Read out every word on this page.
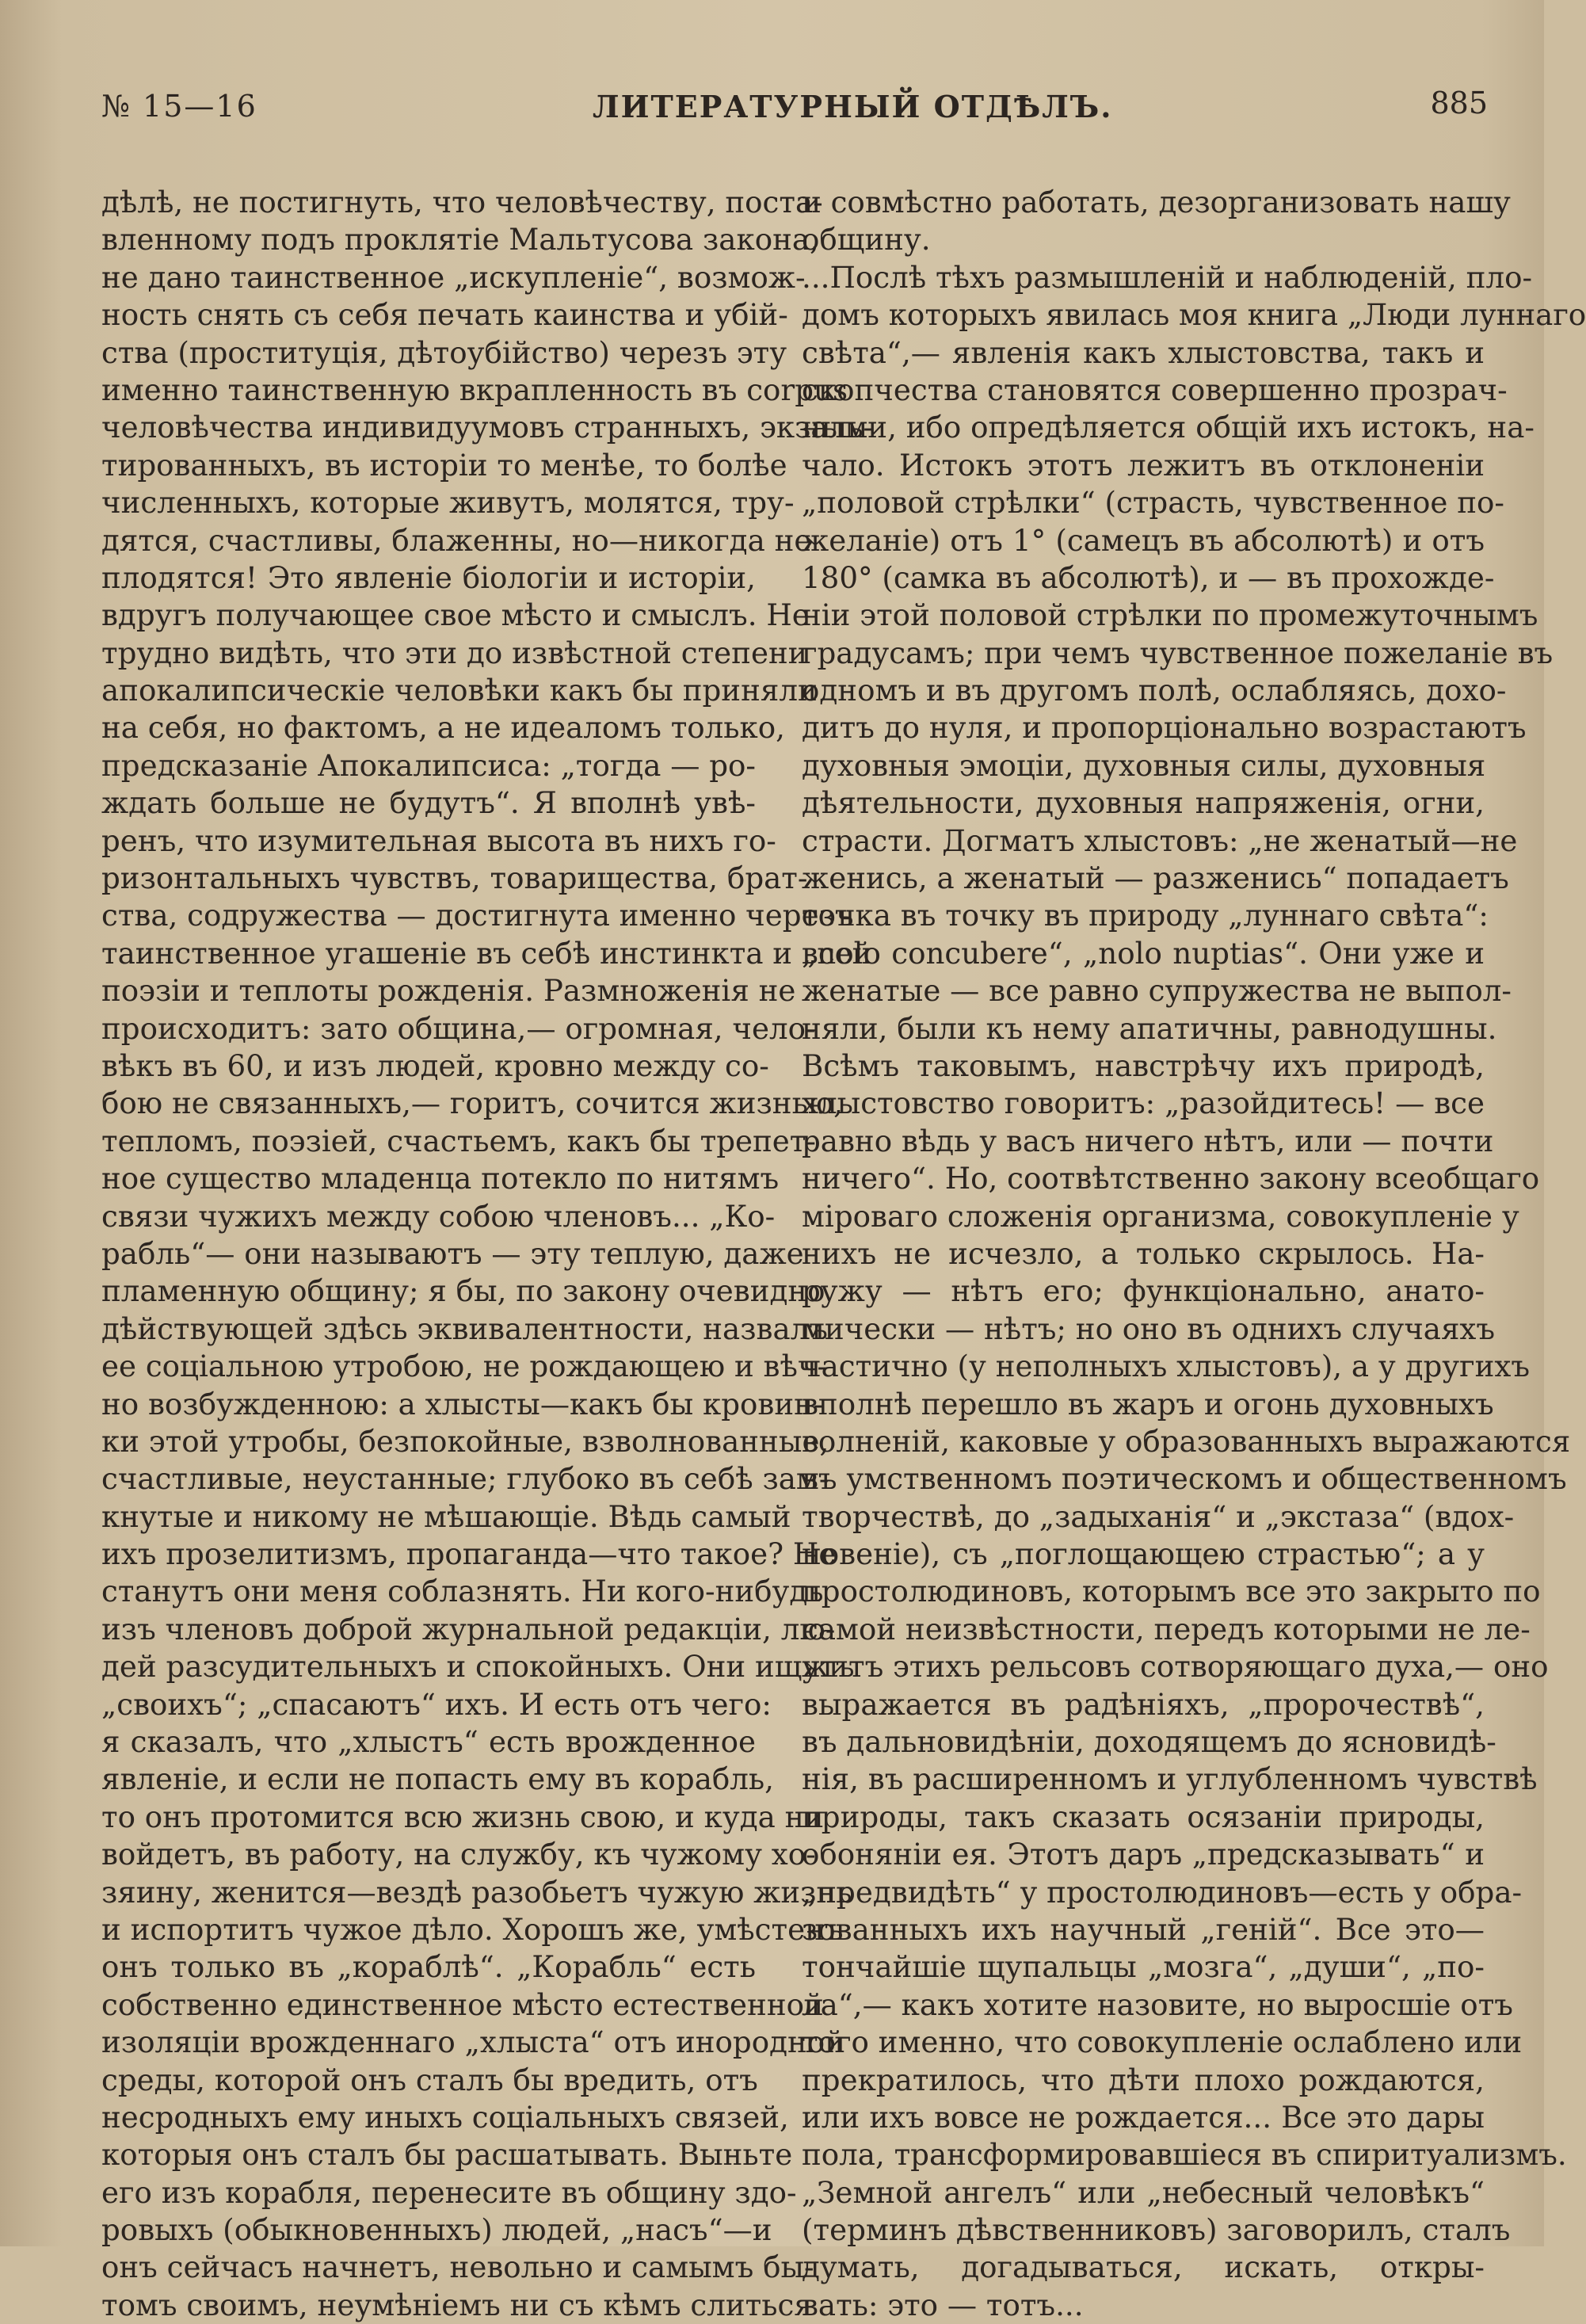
№ 15—16	ЛИТЕРАТУРНЫЙ ОТДѢЛЪ.	885
дѣлѣ, не постигнуть, что человѣчеству, поста-
вленному подъ проклятіе Мальтусова закона,
не дано таинственное „искупленіе“, возмож-
ность снять съ себя печать каинства и убій-
ства (проституція, дѣтоубійство) черезъ эту
именно таинственную вкрапленность въ corpus
человѣчества индивидуумовъ странныхъ, экзаль-
тированныхъ, въ исторіи то менѣе, то болѣе
численныхъ, которые живутъ, молятся, тру-
дятся, счастливы, блаженны, но—никогда не
плодятся! Это явленіе біологіи и исторіи,
вдругъ получающее свое мѣсто и смыслъ. Не
трудно видѣть, что эти до извѣстной степени
апокалипсическіе человѣки какъ бы приняли
на себя, но фактомъ, а не идеаломъ только,
предсказаніе Апокалипсиса: „тогда — ро-
ждать больше не будутъ“. Я вполнѣ увѣ-
ренъ, что изумительная высота въ нихъ го-
ризонтальныхъ чувствъ, товарищества, брат-
ства, содружества — достигнута именно черезъ
таинственное угашеніе въ себѣ инстинкта и всей
поэзіи и теплоты рожденія. Размноженія не
происходитъ: зато община,— огромная, чело-
вѣкъ въ 60, и изъ людей, кровно между со-
бою не связанныхъ,— горитъ, сочится жизнью,
тепломъ, поэзіей, счастьемъ, какъ бы трепет-
ное существо младенца потекло по нитямъ
связи чужихъ между собою членовъ... „Ко-
рабль“— они называютъ — эту теплую, даже
пламенную общину; я бы, по закону очевидно
дѣйствующей здѣсь эквивалентности, назвалъ
ее соціальною утробою, не рождающею и вѣч-
но возбужденною: а хлысты—какъ бы кровин-
ки этой утробы, безпокойные, взволнованные,
счастливые, неустанные; глубоко въ себѣ зам-
кнутые и никому не мѣшающіе. Вѣдь самый
ихъ прозелитизмъ, пропаганда—что такое? Не
станутъ они меня соблазнять. Ни кого-нибудь
изъ членовъ доброй журнальной редакціи, лю-
дей разсудительныхъ и спокойныхъ. Они ищутъ
„своихъ“; „спасаютъ“ ихъ. И есть отъ чего:
я сказалъ, что „хлыстъ“ есть врожденное
явленіе, и если не попасть ему въ корабль,
то онъ протомится всю жизнь свою, и куда ни
войдетъ, въ работу, на службу, къ чужому хо-
зяину, женится—вездѣ разобьетъ чужую жизнь
и испортитъ чужое дѣло. Хорошъ же, умѣстенъ
онъ только въ „кораблѣ“. „Корабль“ есть
собственно единственное мѣсто естественной
изоляціи врожденнаго „хлыста“ отъ инородной
среды, которой онъ сталъ бы вредить, отъ
несродныхъ ему иныхъ соціальныхъ связей,
которыя онъ сталъ бы расшатывать. Выньте
его изъ корабля, перенесите въ общину здо-
ровыхъ (обыкновенныхъ) людей, „насъ“—и
онъ сейчасъ начнетъ, невольно и самымъ бы-
томъ своимъ, неумѣніемъ ни съ кѣмъ слиться
и совмѣстно работать, дезорганизовать нашу
общину.
...Послѣ тѣхъ размышленій и наблюденій, пло-
домъ которыхъ явилась моя книга „Люди луннаго
свѣта“,— явленія какъ хлыстовства, такъ и
скопчества становятся совершенно прозрач-
ными, ибо опредѣляется общій ихъ истокъ, на-
чало. Истокъ этотъ лежитъ въ отклоненіи
„половой стрѣлки“ (страсть, чувственное по-
желаніе) отъ 1° (самецъ въ абсолютѣ) и отъ
180° (самка въ абсолютѣ), и — въ прохожде-
ніи этой половой стрѣлки по промежуточнымъ
градусамъ; при чемъ чувственное пожеланіе въ
одномъ и въ другомъ полѣ, ослабляясь, дохо-
дитъ до нуля, и пропорціонально возрастаютъ
духовныя эмоціи, духовныя силы, духовныя
дѣятельности, духовныя напряженія, огни,
страсти. Догматъ хлыстовъ: „не женатый—не
женись, а женатый — разженись“ попадаетъ
точка въ точку въ природу „луннаго свѣта“:
„nolo concubere“, „nolo nuptias“. Они уже и
женатые — все равно супружества не выпол-
няли, были къ нему апатичны, равнодушны.
Всѣмъ таковымъ, навстрѣчу ихъ природѣ,
хлыстовство говоритъ: „разойдитесь! — все
равно вѣдь у васъ ничего нѣтъ, или — почти
ничего“. Но, соотвѣтственно закону всеобщаго
міроваго сложенія организма, совокупленіе у
нихъ не исчезло, а только скрылось. На-
ружу — нѣтъ его; функціонально, анато-
мически — нѣтъ; но оно въ однихъ случаяхъ
частично (у неполныхъ хлыстовъ), а у другихъ
вполнѣ перешло въ жаръ и огонь духовныхъ
волненій, каковые у образованныхъ выражаются
въ умственномъ поэтическомъ и общественномъ
творчествѣ, до „задыханія“ и „экстаза“ (вдох-
новеніе), съ „поглощающею страстью“; а у
простолюдиновъ, которымъ все это закрыто по
самой неизвѣстности, передъ которыми не ле-
житъ этихъ рельсовъ сотворяющаго духа,— оно
выражается въ радѣніяхъ, „пророчествѣ“,
въ дальновидѣніи, доходящемъ до ясновидѣ-
нія, въ расширенномъ и углубленномъ чувствѣ
природы, такъ сказать осязаніи природы,
обоняніи ея. Этотъ даръ „предсказывать“ и
„предвидѣть“ у простолюдиновъ—есть у обра-
зованныхъ ихъ научный „геній“. Все это—
тончайшіе щупальцы „мозга“, „души“, „по-
ла“,— какъ хотите назовите, но выросшіе отъ
того именно, что совокупленіе ослаблено или
прекратилось, что дѣти плохо рождаются,
или ихъ вовсе не рождается... Все это дары
пола, трансформировавшіеся въ спиритуализмъ.
„Земной ангелъ“ или „небесный человѣкъ“
(терминъ дѣвственниковъ) заговорилъ, сталъ
думать, догадываться, искать, откры-
вать: это — тотъ...
